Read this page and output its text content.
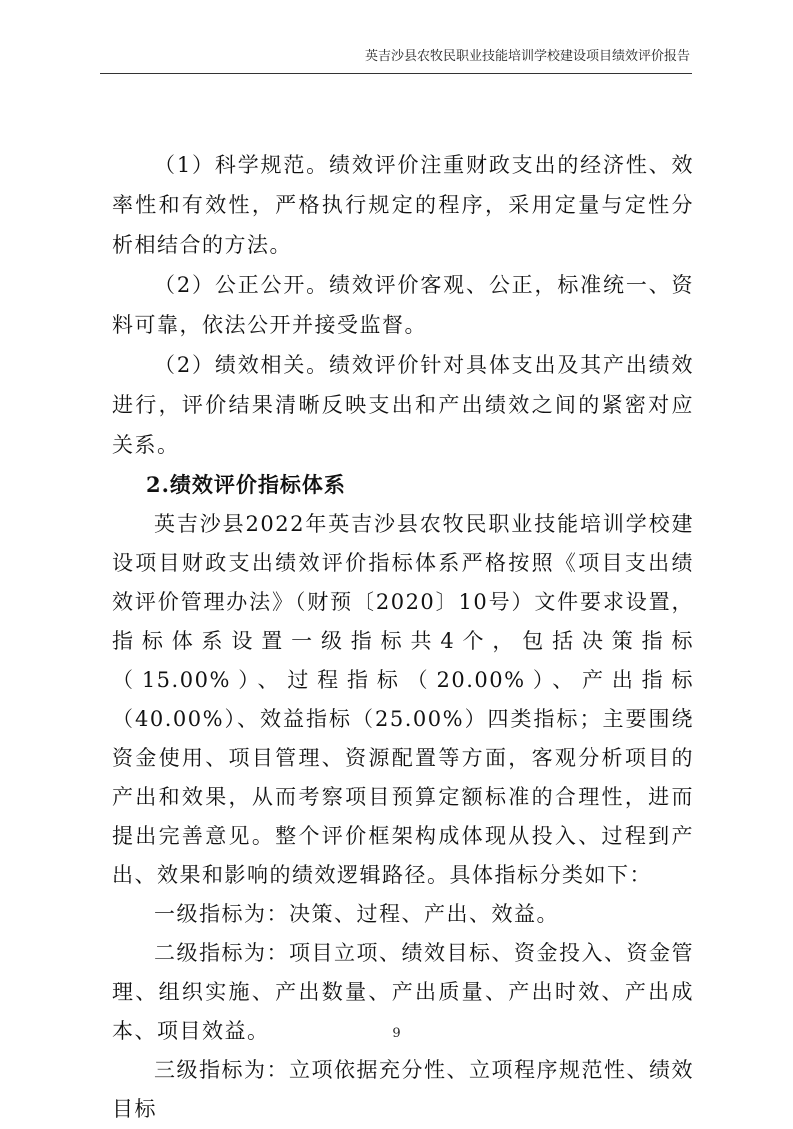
英吉沙县农牧民职业技能培训学校建设项目绩效评价报告

（1）科学规范。绩效评价注重财政支出的经济性、效率性和有效性，严格执行规定的程序，采用定量与定性分析相结合的方法。

（2）公正公开。绩效评价客观、公正，标准统一、资料可靠，依法公开并接受监督。

（2）绩效相关。绩效评价针对具体支出及其产出绩效进行，评价结果清晰反映支出和产出绩效之间的紧密对应关系。

2.绩效评价指标体系

英吉沙县2022年英吉沙县农牧民职业技能培训学校建设项目财政支出绩效评价指标体系严格按照《项目支出绩效评价管理办法》（财预〔2020〕10号）文件要求设置，指标体系设置一级指标共4个，包括决策指标（15.00%）、过程指标（20.00%）、产出指标（40.00%）、效益指标（25.00%）四类指标；主要围绕资金使用、项目管理、资源配置等方面，客观分析项目的产出和效果，从而考察项目预算定额标准的合理性，进而提出完善意见。整个评价框架构成体现从投入、过程到产出、效果和影响的绩效逻辑路径。具体指标分类如下：

一级指标为：决策、过程、产出、效益。

二级指标为：项目立项、绩效目标、资金投入、资金管理、组织实施、产出数量、产出质量、产出时效、产出成本、项目效益。

三级指标为：立项依据充分性、立项程序规范性、绩效目标

9
